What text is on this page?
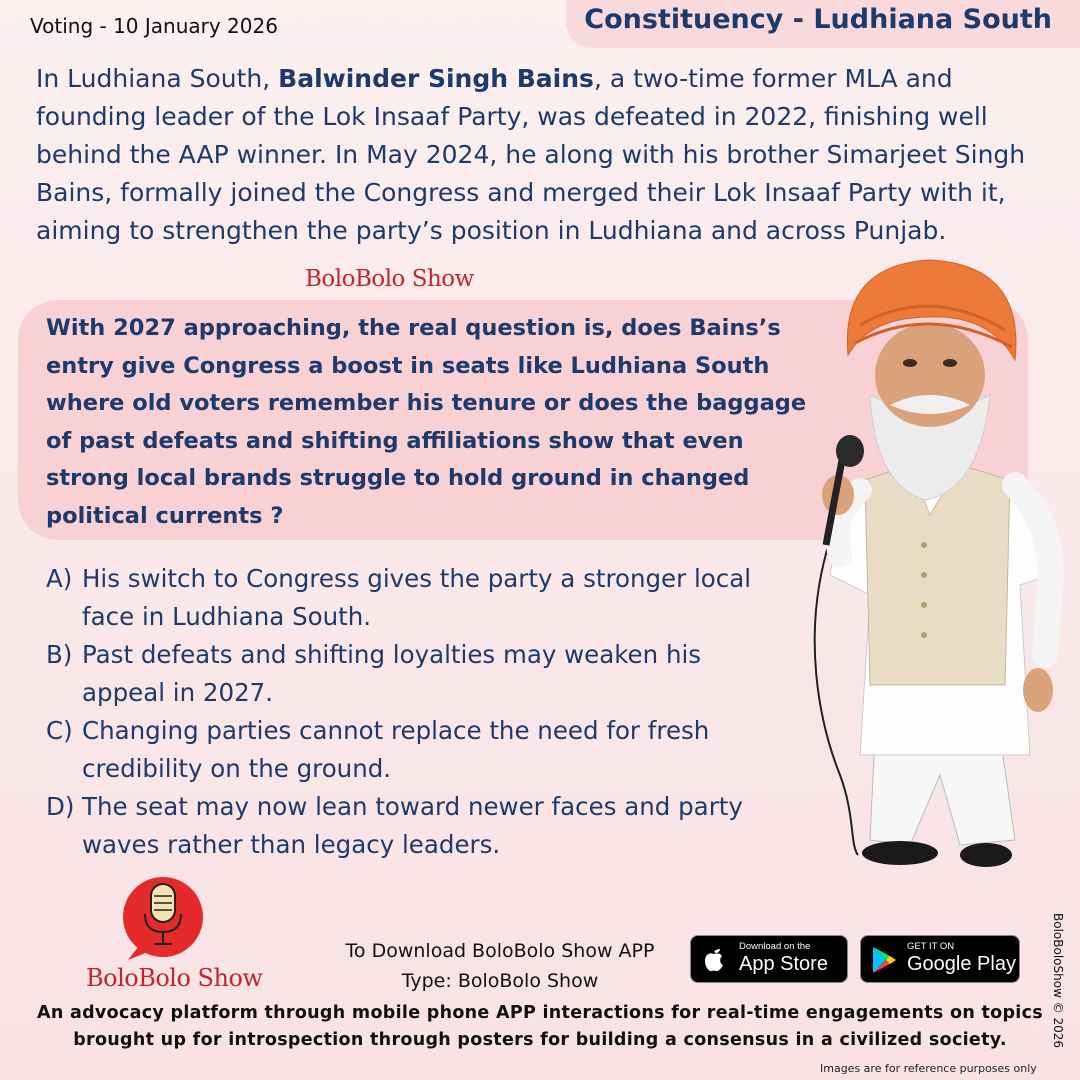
Voting - 10 January 2026	Constituency - Ludhiana South
In Ludhiana South, Balwinder Singh Bains, a two-time former MLA and founding leader of the Lok Insaaf Party, was defeated in 2022, finishing well behind the AAP winner. In May 2024, he along with his brother Simarjeet Singh Bains, formally joined the Congress and merged their Lok Insaaf Party with it, aiming to strengthen the party’s position in Ludhiana and across Punjab.
BoloBolo Show
With 2027 approaching, the real question is, does Bains’s entry give Congress a boost in seats like Ludhiana South where old voters remember his tenure or does the baggage of past defeats and shifting affiliations show that even strong local brands struggle to hold ground in changed political currents ?
A) His switch to Congress gives the party a stronger local face in Ludhiana South.
B) Past defeats and shifting loyalties may weaken his appeal in 2027.
C) Changing parties cannot replace the need for fresh credibility on the ground.
D) The seat may now lean toward newer faces and party waves rather than legacy leaders.
BoloBolo Show
To Download BoloBolo Show APP
Type: BoloBolo Show
Download on the
App Store
GET IT ON
Google Play
An advocacy platform through mobile phone APP interactions for real-time engagements on topics brought up for introspection through posters for building a consensus in a civilized society.	BoloBoloShow © 2026
Images are for reference purposes only
